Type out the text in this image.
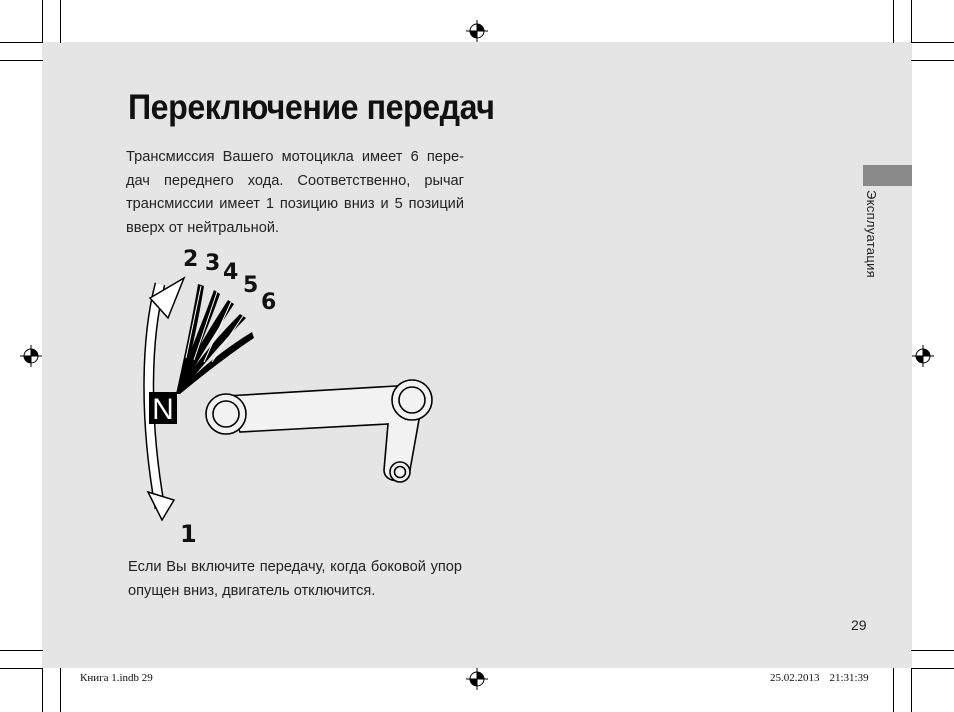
Переключение передач

Трансмиссия Вашего мотоцикла имеет 6 пере-дач переднего хода. Соответственно, рычаг трансмиссии имеет 1 позицию вниз и 5 позиций вверх от нейтральной.

N
2 3 4
5
6
1

Если Вы включите передачу, когда боковой упор опущен вниз, двигатель отключится.

Эксплуатация
29
Книга 1.indb 29	25.02.2013 21:31:39
